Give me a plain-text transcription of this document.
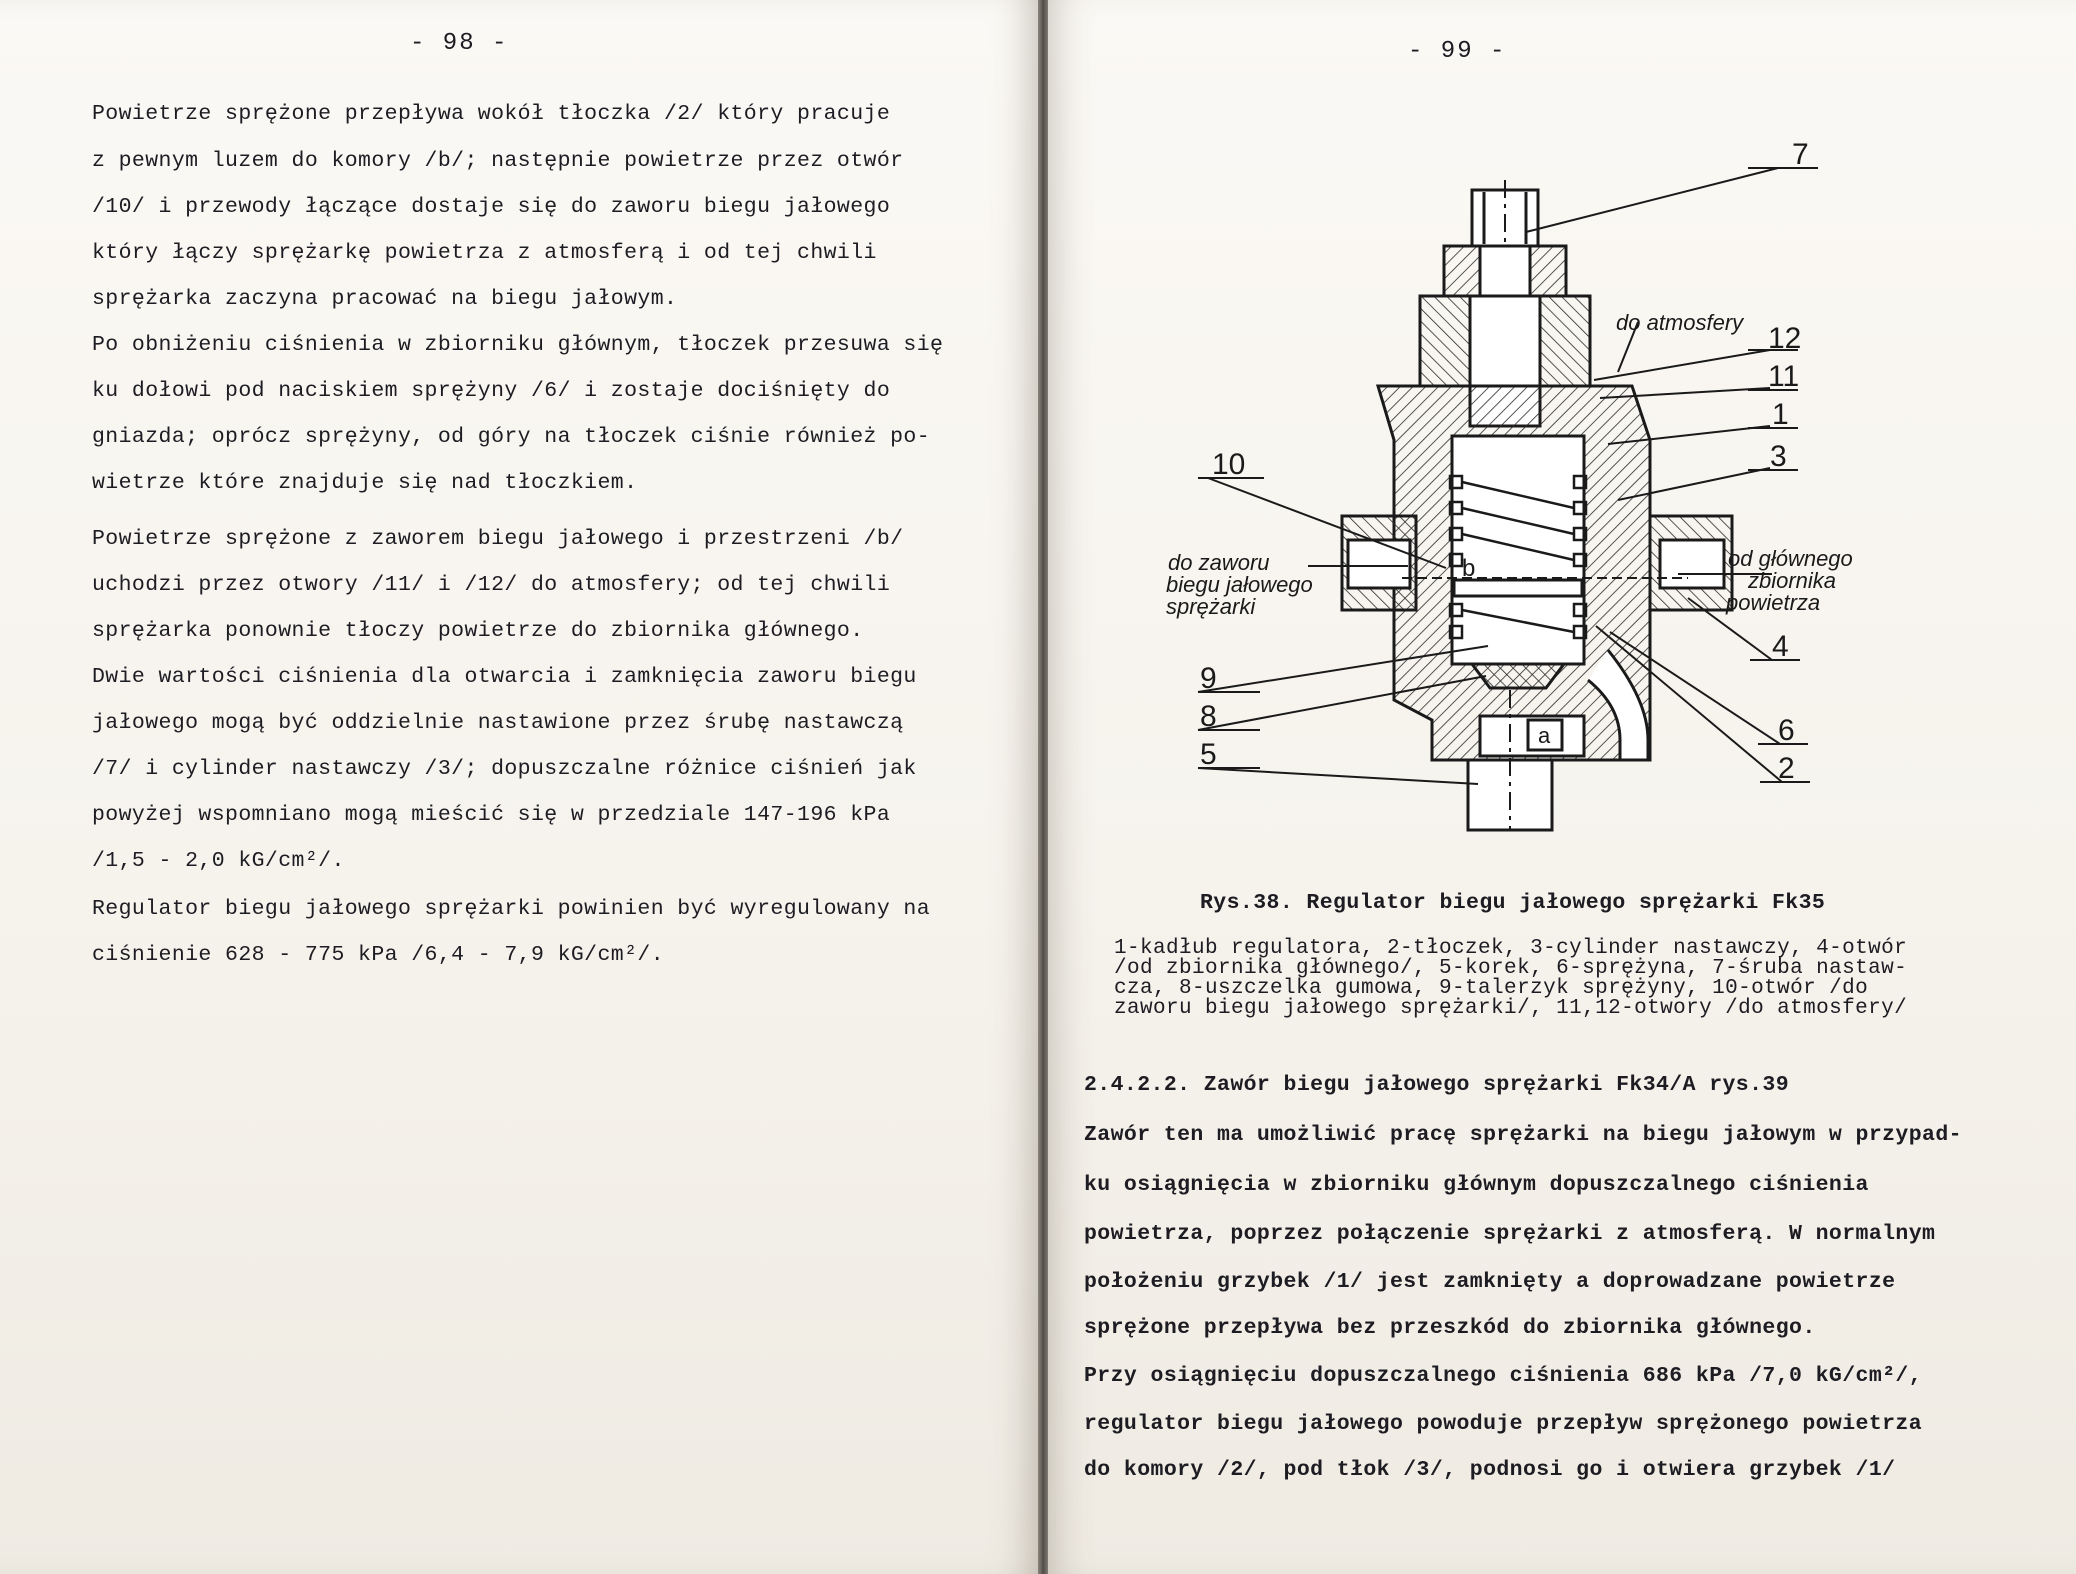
- 98 -
Powietrze sprężone przepływa wokół tłoczka /2/ który pracuje
z pewnym luzem do komory /b/; następnie powietrze przez otwór
/10/ i przewody łączące dostaje się do zaworu biegu jałowego
który łączy sprężarkę powietrza z atmosferą i od tej chwili
sprężarka zaczyna pracować na biegu jałowym.
Po obniżeniu ciśnienia w zbiorniku głównym, tłoczek przesuwa się
ku dołowi pod naciskiem sprężyny /6/ i zostaje dociśnięty do
gniazda; oprócz sprężyny, od góry na tłoczek ciśnie również po-
wietrze które znajduje się nad tłoczkiem.
Powietrze sprężone z zaworem biegu jałowego i przestrzeni /b/
uchodzi przez otwory /11/ i /12/ do atmosfery; od tej chwili
sprężarka ponownie tłoczy powietrze do zbiornika głównego.
Dwie wartości ciśnienia dla otwarcia i zamknięcia zaworu biegu
jałowego mogą być oddzielnie nastawione przez śrubę nastawczą
/7/ i cylinder nastawczy /3/; dopuszczalne różnice ciśnień jak
powyżej wspomniano mogą mieścić się w przedziale 147-196 kPa
/1,5 - 2,0 kG/cm²/.
Regulator biegu jałowego sprężarki powinien być wyregulowany na
ciśnienie 628 - 775 kPa /6,4 - 7,9 kG/cm²/.
- 99 -
7
12
11
1
3
4
6
2
10
9
8
5
b
a
do atmosfery
do zaworu
biegu jałowego
sprężarki
od głównego
zbiornika
powietrza
Rys.38. Regulator biegu jałowego sprężarki Fk35
1-kadłub regulatora, 2-tłoczek, 3-cylinder nastawczy, 4-otwór
/od zbiornika głównego/, 5-korek, 6-sprężyna, 7-śruba nastaw-
cza, 8-uszczelka gumowa, 9-talerzyk sprężyny, 10-otwór /do
zaworu biegu jałowego sprężarki/, 11,12-otwory /do atmosfery/
2.4.2.2. Zawór biegu jałowego sprężarki Fk34/A rys.39
Zawór ten ma umożliwić pracę sprężarki na biegu jałowym w przypad-
ku osiągnięcia w zbiorniku głównym dopuszczalnego ciśnienia
powietrza, poprzez połączenie sprężarki z atmosferą. W normalnym
położeniu grzybek /1/ jest zamknięty a doprowadzane powietrze
sprężone przepływa bez przeszkód do zbiornika głównego.
Przy osiągnięciu dopuszczalnego ciśnienia 686 kPa /7,0 kG/cm²/,
regulator biegu jałowego powoduje przepływ sprężonego powietrza
do komory /2/, pod tłok /3/, podnosi go i otwiera grzybek /1/
